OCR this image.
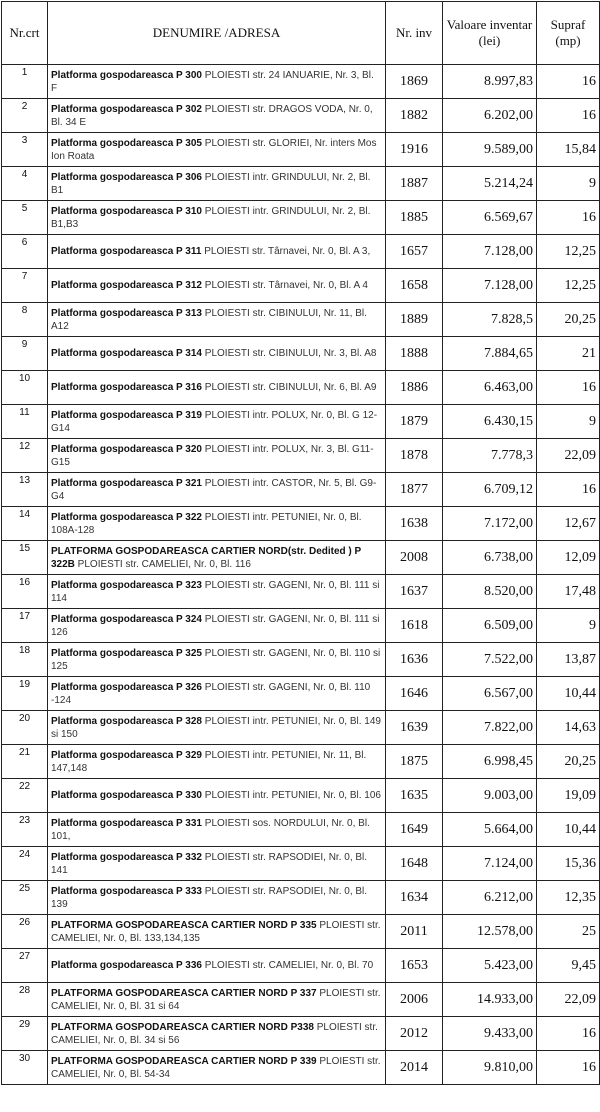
Nr.crt	DENUMIRE /ADRESA	Nr. inv	Valoare inventar (lei)	Supraf (mp)
1	Platforma gospodareasca P 300 PLOIESTI str. 24 IANUARIE, Nr. 3, Bl. F	1869	8.997,83	16
2	Platforma gospodareasca P 302 PLOIESTI str. DRAGOS VODA, Nr. 0, Bl. 34 E	1882	6.202,00	16
3	Platforma gospodareasca P 305 PLOIESTI str. GLORIEI, Nr. inters Mos Ion Roata	1916	9.589,00	15,84
4	Platforma gospodareasca P 306 PLOIESTI intr. GRINDULUI, Nr. 2, Bl. B1	1887	5.214,24	9
5	Platforma gospodareasca P 310 PLOIESTI intr. GRINDULUI, Nr. 2, Bl. B1,B3	1885	6.569,67	16
6	Platforma gospodareasca P 311 PLOIESTI str. Târnavei, Nr. 0, Bl. A 3,	1657	7.128,00	12,25
7	Platforma gospodareasca P 312 PLOIESTI str. Târnavei, Nr. 0, Bl. A 4	1658	7.128,00	12,25
8	Platforma gospodareasca P 313 PLOIESTI str. CIBINULUI, Nr. 11, Bl. A12	1889	7.828,5	20,25
9	Platforma gospodareasca P 314 PLOIESTI str. CIBINULUI, Nr. 3, Bl. A8	1888	7.884,65	21
10	Platforma gospodareasca P 316 PLOIESTI str. CIBINULUI, Nr. 6, Bl. A9	1886	6.463,00	16
11	Platforma gospodareasca P 319 PLOIESTI intr. POLUX, Nr. 0, Bl. G 12-G14	1879	6.430,15	9
12	Platforma gospodareasca P 320 PLOIESTI intr. POLUX, Nr. 3, Bl. G11-G15	1878	7.778,3	22,09
13	Platforma gospodareasca P 321 PLOIESTI intr. CASTOR, Nr. 5, Bl. G9-G4	1877	6.709,12	16
14	Platforma gospodareasca P 322 PLOIESTI intr. PETUNIEI, Nr. 0, Bl. 108A-128	1638	7.172,00	12,67
15	PLATFORMA GOSPODAREASCA CARTIER NORD(str. Dedited ) P 322B PLOIESTI str. CAMELIEI, Nr. 0, Bl. 116	2008	6.738,00	12,09
16	Platforma gospodareasca P 323 PLOIESTI str. GAGENI, Nr. 0, Bl. 111 si 114	1637	8.520,00	17,48
17	Platforma gospodareasca P 324 PLOIESTI str. GAGENI, Nr. 0, Bl. 111 si 126	1618	6.509,00	9
18	Platforma gospodareasca P 325 PLOIESTI str. GAGENI, Nr. 0, Bl. 110 si 125	1636	7.522,00	13,87
19	Platforma gospodareasca P 326 PLOIESTI str. GAGENI, Nr. 0, Bl. 110 -124	1646	6.567,00	10,44
20	Platforma gospodareasca P 328 PLOIESTI intr. PETUNIEI, Nr. 0, Bl. 149 si 150	1639	7.822,00	14,63
21	Platforma gospodareasca P 329 PLOIESTI intr. PETUNIEI, Nr. 11, Bl. 147,148	1875	6.998,45	20,25
22	Platforma gospodareasca P 330 PLOIESTI intr. PETUNIEI, Nr. 0, Bl. 106	1635	9.003,00	19,09
23	Platforma gospodareasca P 331 PLOIESTI sos. NORDULUI, Nr. 0, Bl. 101,	1649	5.664,00	10,44
24	Platforma gospodareasca P 332 PLOIESTI str. RAPSODIEI, Nr. 0, Bl. 141	1648	7.124,00	15,36
25	Platforma gospodareasca P 333 PLOIESTI str. RAPSODIEI, Nr. 0, Bl. 139	1634	6.212,00	12,35
26	PLATFORMA GOSPODAREASCA CARTIER NORD P 335 PLOIESTI str. CAMELIEI, Nr. 0, Bl. 133,134,135	2011	12.578,00	25
27	Platforma gospodareasca P 336 PLOIESTI str. CAMELIEI, Nr. 0, Bl. 70	1653	5.423,00	9,45
28	PLATFORMA GOSPODAREASCA CARTIER NORD P 337 PLOIESTI str. CAMELIEI, Nr. 0, Bl. 31 si 64	2006	14.933,00	22,09
29	PLATFORMA GOSPODAREASCA CARTIER NORD P338 PLOIESTI str. CAMELIEI, Nr. 0, Bl. 34 si 56	2012	9.433,00	16
30	PLATFORMA GOSPODAREASCA CARTIER NORD P 339 PLOIESTI str. CAMELIEI, Nr. 0, Bl. 54-34	2014	9.810,00	16
